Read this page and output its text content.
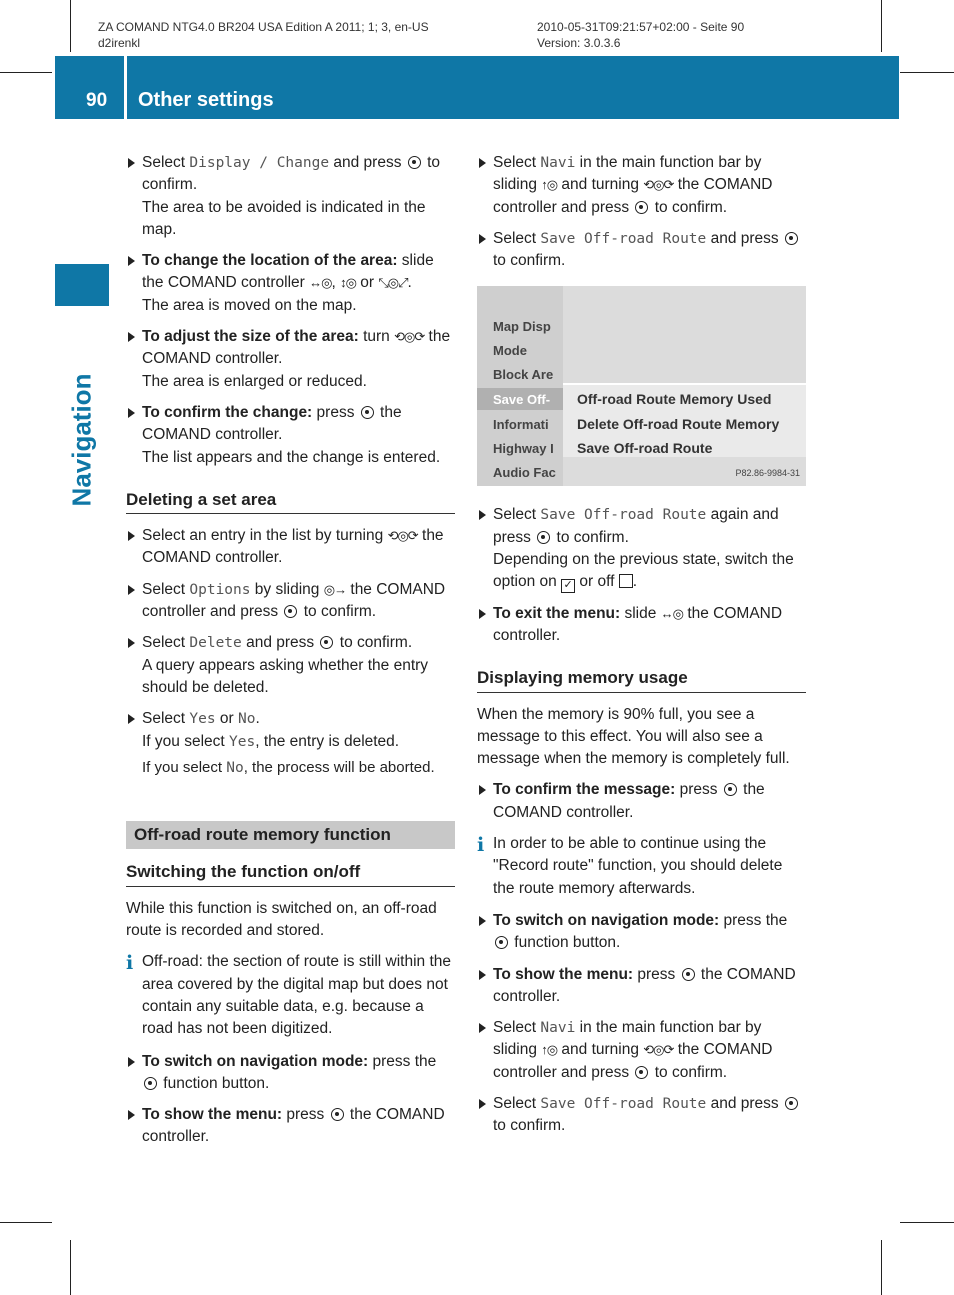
ZA COMAND NTG4.0 BR204 USA Edition A 2011; 1; 3, en-US
d2irenkl
2010-05-31T09:21:57+02:00 - Seite 90
Version: 3.0.3.6
90 Other settings
Navigation
Select Display / Change and press  to confirm.
The area to be avoided is indicated in the map.
To change the location of the area: slide the COMAND controller ↔◎, ↕◎ or ⤡◎⤢.
The area is moved on the map.
To adjust the size of the area: turn ⟲◎⟳ the COMAND controller.
The area is enlarged or reduced.
To confirm the change: press  the COMAND controller.
The list appears and the change is entered.
Deleting a set area
Select an entry in the list by turning ⟲◎⟳ the COMAND controller.
Select Options by sliding ◎→ the COMAND controller and press  to confirm.
Select Delete and press  to confirm.
A query appears asking whether the entry should be deleted.
Select Yes or No.
If you select Yes, the entry is deleted.
If you select No, the process will be aborted.
Off-road route memory function
Switching the function on/off

While this function is switched on, an off-road route is recorded and stored.

i Off-road: the section of route is still within the area covered by the digital map but does not contain any suitable data, e.g. because a road has not been digitized.
To switch on navigation mode: press the  function button.
To show the menu: press  the COMAND controller.
Select Navi in the main function bar by sliding ↑◎ and turning ⟲◎⟳ the COMAND controller and press  to confirm.
Select Save Off-road Route and press  to confirm.
Map Disp
Mode
Block Are
Save Off-
Informati
Highway I
Audio Fac
Off-road Route Memory Used
Delete Off-road Route Memory
Save Off-road Route
P82.86-9984-31
Select Save Off-road Route again and press  to confirm.
Depending on the previous state, switch the option on ✓ or off .
To exit the menu: slide ↔◎ the COMAND controller.
Displaying memory usage

When the memory is 90% full, you see a message to this effect. You will also see a message when the memory is completely full.

To confirm the message: press  the COMAND controller.
i In order to be able to continue using the "Record route" function, you should delete the route memory afterwards.
To switch on navigation mode: press the  function button.
To show the menu: press  the COMAND controller.
Select Navi in the main function bar by sliding ↑◎ and turning ⟲◎⟳ the COMAND controller and press  to confirm.
Select Save Off-road Route and press  to confirm.
